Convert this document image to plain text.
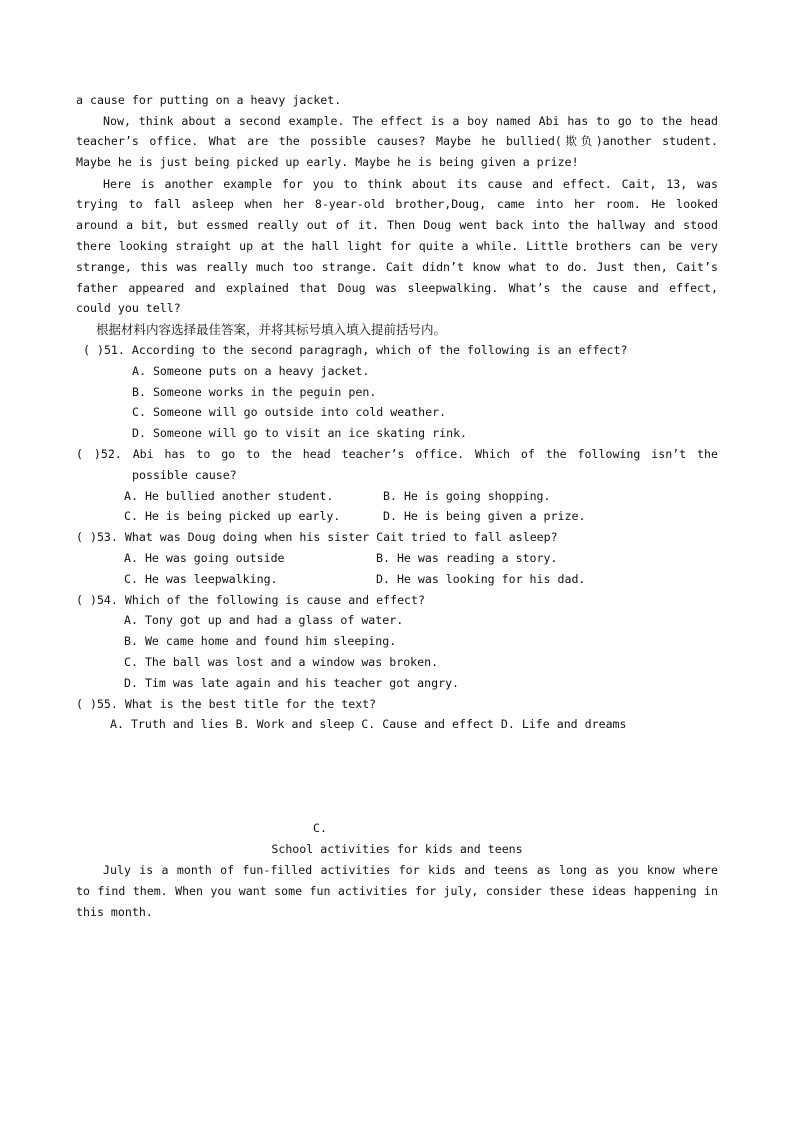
a cause for putting on a heavy jacket.
Now, think about a second example. The effect is a boy named Abi has to go to the head
teacher’s office. What are the possible causes? Maybe he bullied(欺负)another student.
Maybe he is just being picked up early. Maybe he is being given a prize!
Here is another example for you to think about its cause and effect. Cait, 13, was
trying to fall asleep when her 8-year-old brother,Doug, came into her room. He looked
around a bit, but essmed really out of it. Then Doug went back into the hallway and stood
there looking straight up at the hall light for quite a while. Little brothers can be very
strange, this was really much too strange. Cait didn’t know what to do. Just then, Cait’s
father appeared and explained that Doug was sleepwalking. What’s the cause and effect,
could you tell?
根据材料内容选择最佳答案，并将其标号填入填入提前括号内。
( )51. According to the second paragragh, which of the following is an effect?
A. Someone puts on a heavy jacket.
B. Someone works in the peguin pen.
C. Someone will go outside into cold weather.
D. Someone will go to visit an ice skating rink.
( )52. Abi has to go to the head teacher’s office. Which of the following isn’t the
possible cause?
A. He bullied another student.	B. He is going shopping.
C. He is being picked up early.	D. He is being given a prize.
( )53. What was Doug doing when his sister Cait tried to fall asleep?
A. He was going outside	B. He was reading a story.
C. He was leepwalking.	D. He was looking for his dad.
( )54. Which of the following is cause and effect?
A. Tony got up and had a glass of water.
B. We came home and found him sleeping.
C. The ball was lost and a window was broken.
D. Tim was late again and his teacher got angry.
( )55. What is the best title for the text?
A. Truth and lies B. Work and sleep C. Cause and effect D. Life and dreams
C.
School activities for kids and teens
July is a month of fun-filled activities for kids and teens as long as you know where
to find them. When you want some fun activities for july, consider these ideas happening in
this month.
